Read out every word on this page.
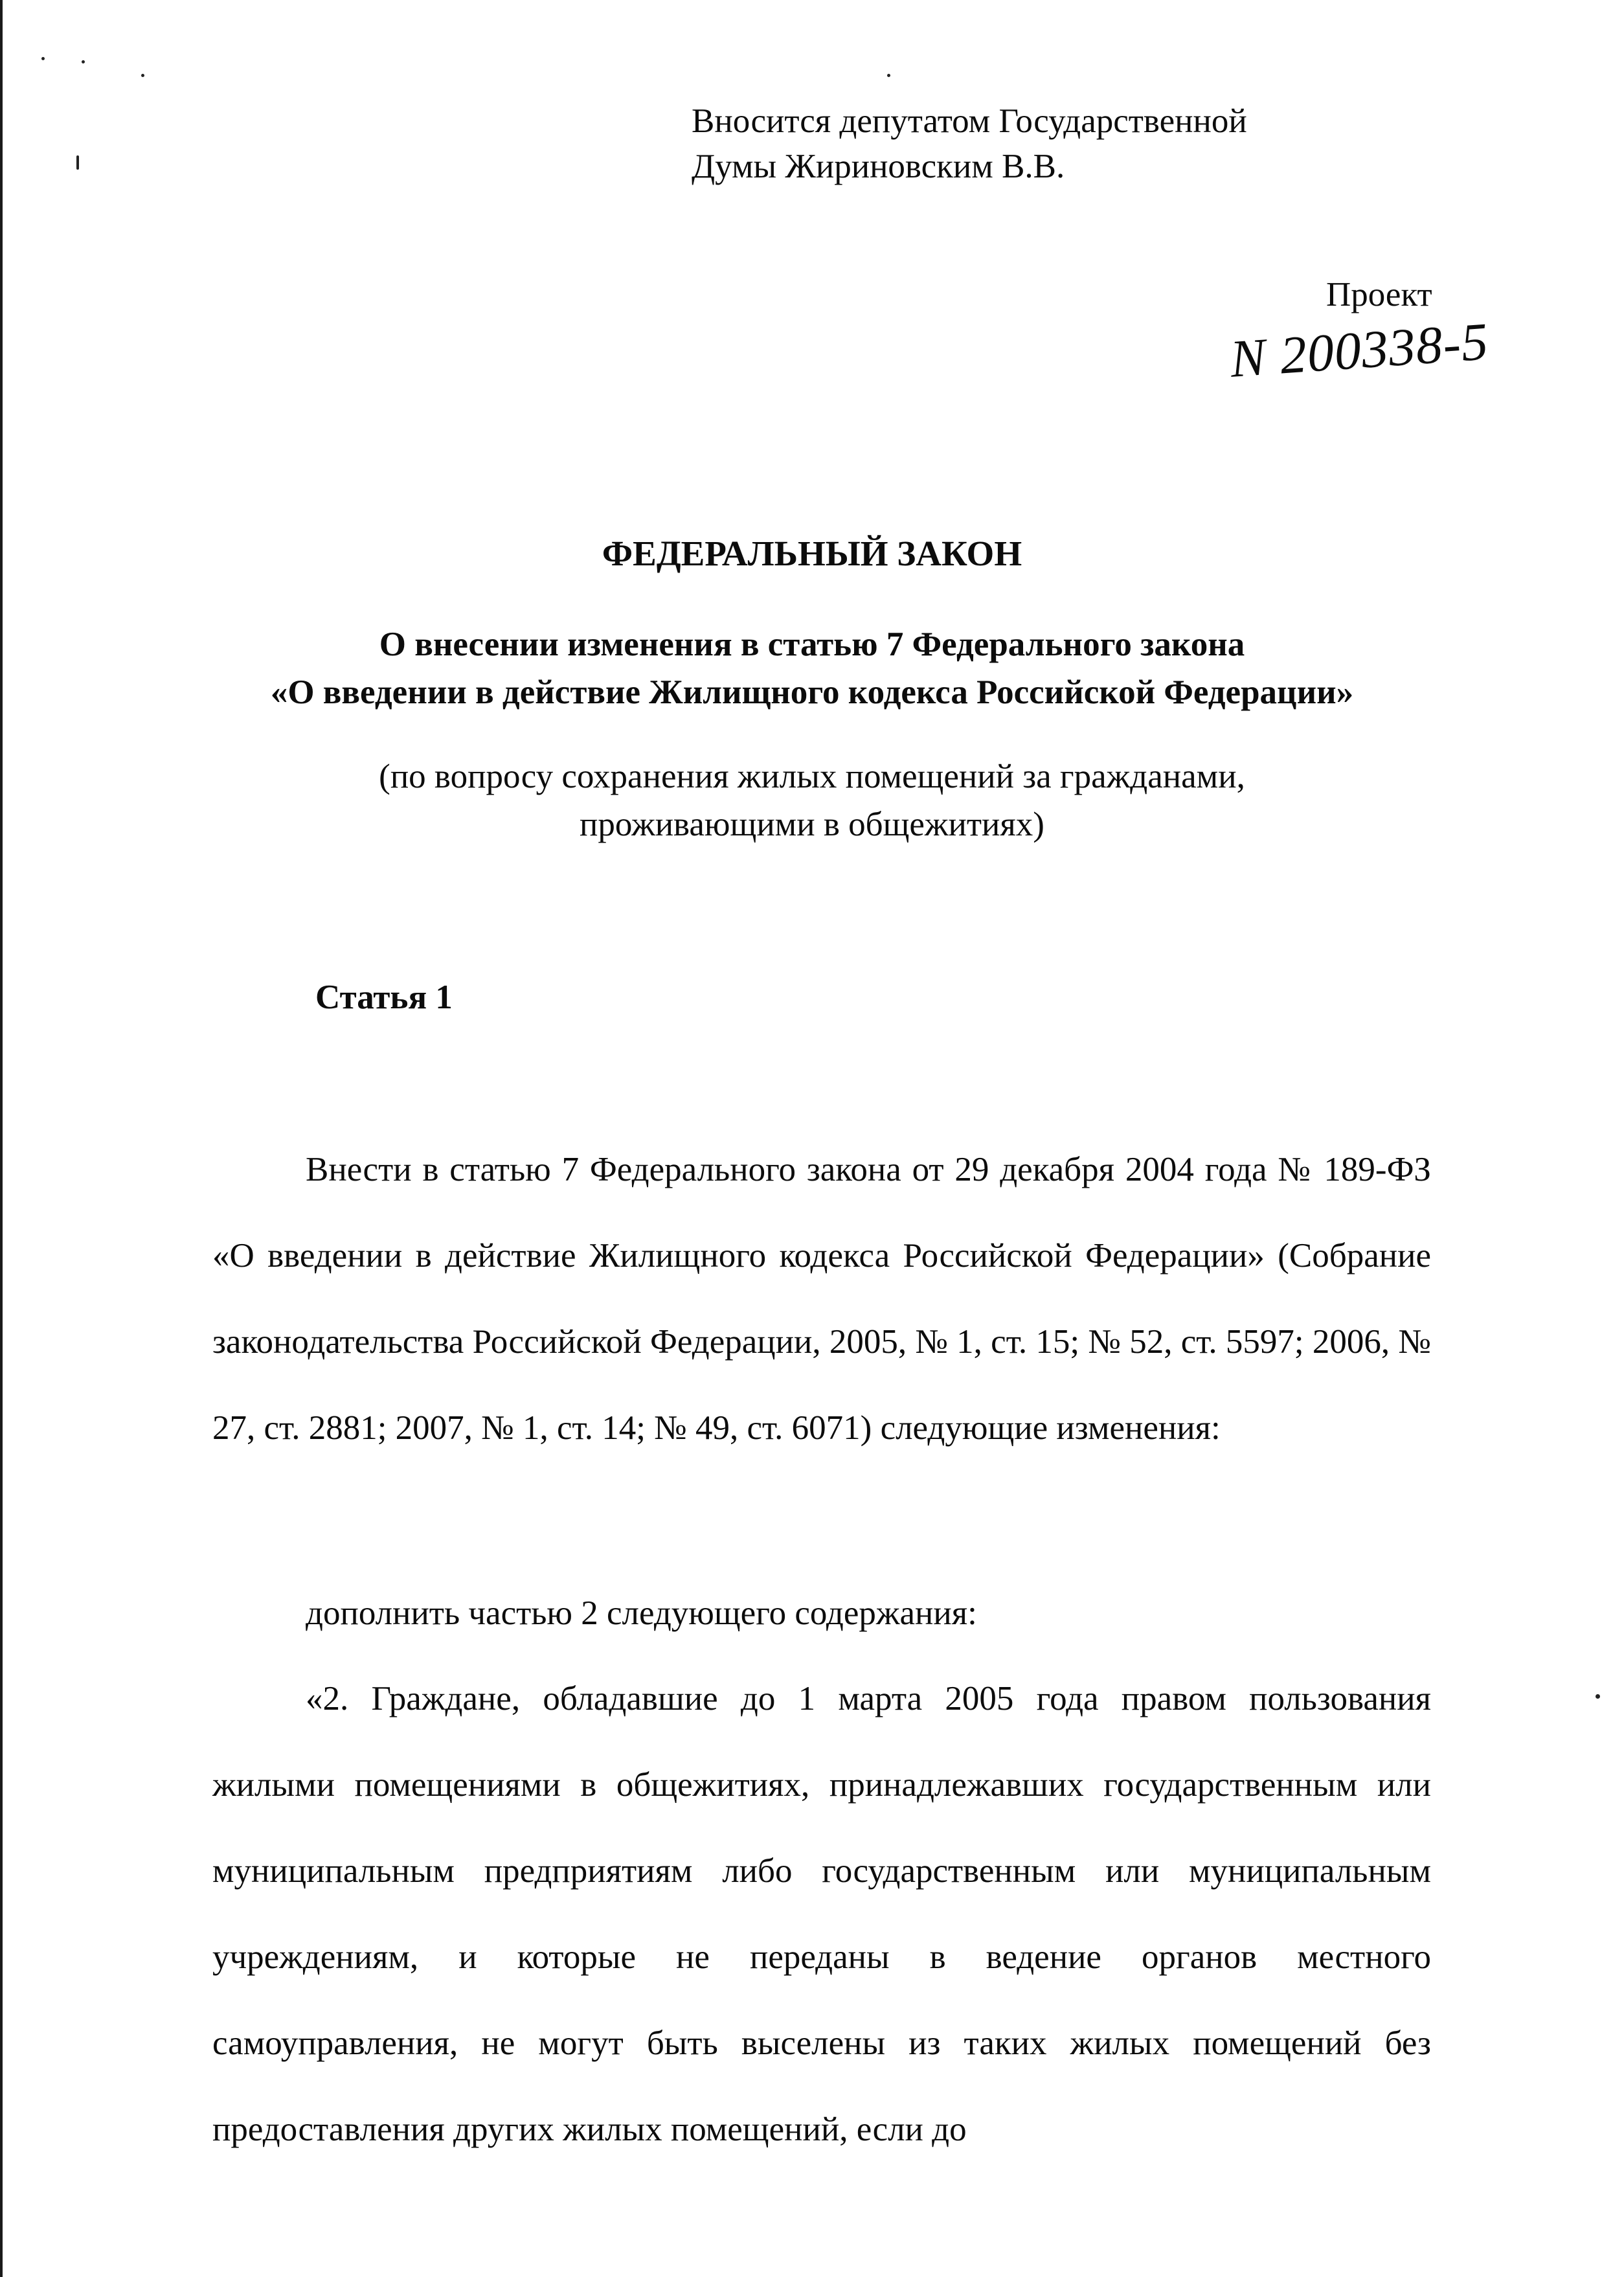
Вносится депутатом Государственной
Думы Жириновским В.В.
Проект
N 200338-5
ФЕДЕРАЛЬНЫЙ ЗАКОН
О внесении изменения в статью 7 Федерального закона
«О введении в действие Жилищного кодекса Российской Федерации»
(по вопросу сохранения жилых помещений за гражданами,
проживающими в общежитиях)
Статья 1
Внести в статью 7 Федерального закона от 29 декабря 2004 года № 189-ФЗ «О введении в действие Жилищного кодекса Российской Федерации» (Собрание законодательства Российской Федерации, 2005, № 1, ст. 15; № 52, ст. 5597; 2006, № 27, ст. 2881; 2007, № 1, ст. 14; № 49, ст. 6071) следующие изменения:
дополнить частью 2 следующего содержания:
«2. Граждане, обладавшие до 1 марта 2005 года правом пользования жилыми помещениями в общежитиях, принадлежавших государственным или муниципальным предприятиям либо государственным или муниципальным учреждениям, и которые не переданы в ведение органов местного самоуправления, не могут быть выселены из таких жилых помещений без предоставления других жилых помещений, если до
